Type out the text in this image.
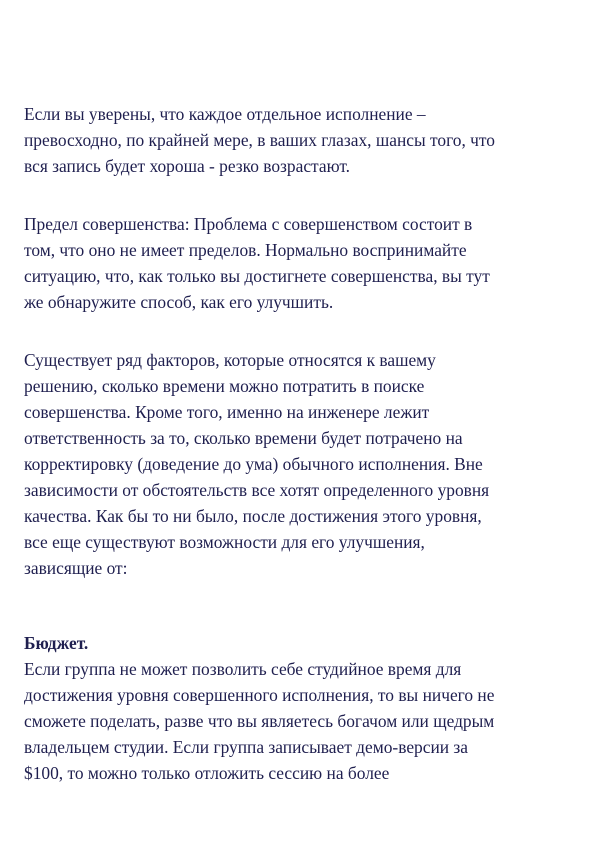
Если вы уверены, что каждое отдельное исполнение –
превосходно, по крайней мере, в ваших глазах, шансы того, что
вся запись будет хороша - резко возрастают.
Предел совершенства: Проблема с совершенством состоит в
том, что оно не имеет пределов. Нормально воспринимайте
ситуацию, что, как только вы достигнете совершенства, вы тут
же обнаружите способ, как его улучшить.
Существует ряд факторов, которые относятся к вашему
решению, сколько времени можно потратить в поиске
совершенства. Кроме того, именно на инженере лежит
ответственность за то, сколько времени будет потрачено на
корректировку (доведение до ума) обычного исполнения. Вне
зависимости от обстоятельств все хотят определенного уровня
качества. Как бы то ни было, после достижения этого уровня,
все еще существуют возможности для его улучшения,
зависящие от:
Бюджет.
Если группа не может позволить себе студийное время для
достижения уровня совершенного исполнения, то вы ничего не
сможете поделать, разве что вы являетесь богачом или щедрым
владельцем студии. Если группа записывает демо-версии за
$100, то можно только отложить сессию на более
